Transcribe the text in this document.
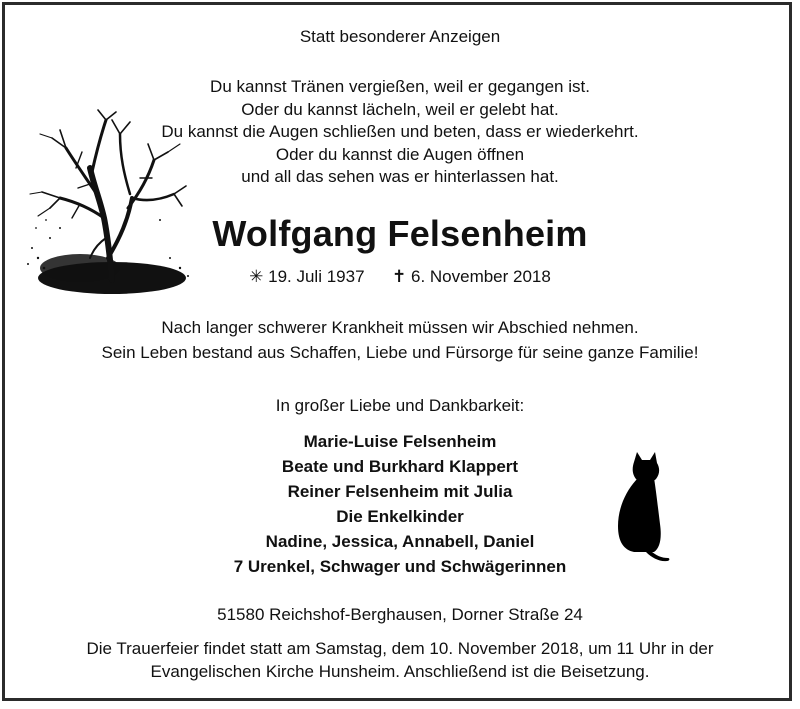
Statt besonderer Anzeigen
Du kannst Tränen vergießen, weil er gegangen ist.
Oder du kannst lächeln, weil er gelebt hat.
Du kannst die Augen schließen und beten, dass er wiederkehrt.
Oder du kannst die Augen öffnen
und all das sehen was er hinterlassen hat.
Wolfgang Felsenheim
✳ 19. Juli 1937 ✝ 6. November 2018
Nach langer schwerer Krankheit müssen wir Abschied nehmen.
Sein Leben bestand aus Schaffen, Liebe und Fürsorge für seine ganze Familie!
In großer Liebe und Dankbarkeit:
Marie-Luise Felsenheim
Beate und Burkhard Klappert
Reiner Felsenheim mit Julia
Die Enkelkinder
Nadine, Jessica, Annabell, Daniel
7 Urenkel, Schwager und Schwägerinnen
51580 Reichshof-Berghausen, Dorner Straße 24
Die Trauerfeier findet statt am Samstag, dem 10. November 2018, um 11 Uhr in der
Evangelischen Kirche Hunsheim. Anschließend ist die Beisetzung.
